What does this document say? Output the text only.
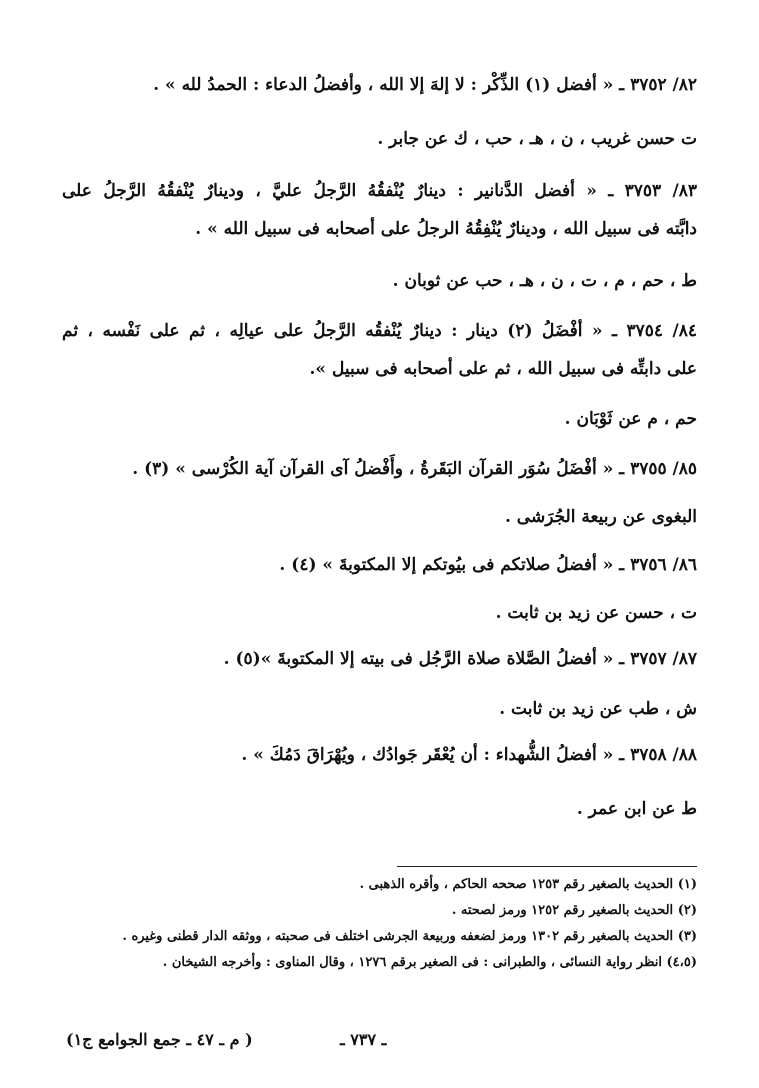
٨٢/ ٣٧٥٢ ـ « أفضل (١) الذِّكْر : لا إلهَ إلا الله ، وأفضلُ الدعاء : الحمدُ لله » .
ت حسن غريب ، ن ، هـ ، حب ، ك عن جابر .
٨٣/ ٣٧٥٣ ـ « أفضل الدَّنانير : دينارٌ يُنْفقُهُ الرَّجلُ عليَّ ، ودينارٌ يُنْفقُهُ الرَّجلُ على
دابَّته فى سبيل الله ، ودينارٌ يُنْفِقُهُ الرجلُ على أصحابه فى سبيل الله » .
ط ، حم ، م ، ت ، ن ، هـ ، حب عن ثوبان .
٨٤/ ٣٧٥٤ ـ « أفْضَلُ (٢) دينار : دينارٌ يُنْفقُه الرَّجلُ على عيالِه ، ثم على نَفْسه ، ثم
على دابتِّه فى سبيل الله ، ثم على أصحابه فى سبيل ».
حم ، م عن ثَوْبَان .
٨٥/ ٣٧٥٥ ـ « أفْضَلُ سُوَر القرآن البَقَرةُ ، وأَفْضلُ آى القرآن آية الكُرْسى » (٣) .
البغوى عن ربيعة الجُرَشى .
٨٦/ ٣٧٥٦ ـ « أفضلُ صلاتكم فى بيُوتكم إلا المكتوبةَ » (٤) .
ت ، حسن عن زيد بن ثابت .
٨٧/ ٣٧٥٧ ـ « أفضلُ الصَّلاة صلاة الرَّجُل فى بيته إلا المكتوبةَ »(٥) .
ش ، طب عن زيد بن ثابت .
٨٨/ ٣٧٥٨ ـ « أفضلُ الشُّهداء : أن يُعْقَر جَوادُك ، ويُهْرَاقَ دَمُكَ » .
ط عن ابن عمر .
(١) الحديث بالصغير رقم ١٢٥٣ صححه الحاكم ، وأقره الذهبى .
(٢) الحديث بالصغير رقم ١٢٥٢ ورمز لصحته .
(٣) الحديث بالصغير رقم ١٣٠٢ ورمز لضعفه وربيعة الجرشى اختلف فى صحبته ، ووثقه الدار قطنى وغيره .
(٤،٥) انظر رواية النسائى ، والطبرانى : فى الصغير برقم ١٢٧٦ ، وقال المناوى : وأخرجه الشيخان .
ـ ٧٣٧ ـ
( م ـ ٤٧ ـ جمع الجوامع ج١)
